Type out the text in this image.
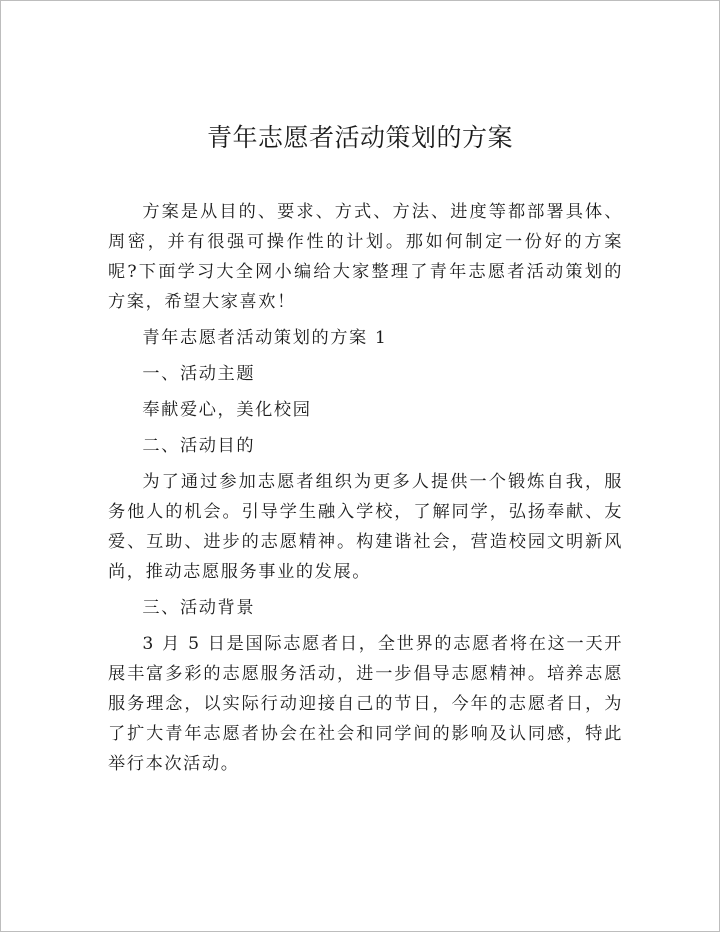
青年志愿者活动策划的方案

方案是从目的、要求、方式、方法、进度等都部署具体、周密，并有很强可操作性的计划。那如何制定一份好的方案呢?下面学习大全网小编给大家整理了青年志愿者活动策划的方案，希望大家喜欢！

青年志愿者活动策划的方案 1

一、活动主题

奉献爱心，美化校园

二、活动目的

为了通过参加志愿者组织为更多人提供一个锻炼自我，服务他人的机会。引导学生融入学校，了解同学，弘扬奉献、友爱、互助、进步的志愿精神。构建谐社会，营造校园文明新风尚，推动志愿服务事业的发展。

三、活动背景

3 月 5 日是国际志愿者日，全世界的志愿者将在这一天开展丰富多彩的志愿服务活动，进一步倡导志愿精神。培养志愿服务理念，以实际行动迎接自己的节日，今年的志愿者日，为了扩大青年志愿者协会在社会和同学间的影响及认同感，特此举行本次活动。
